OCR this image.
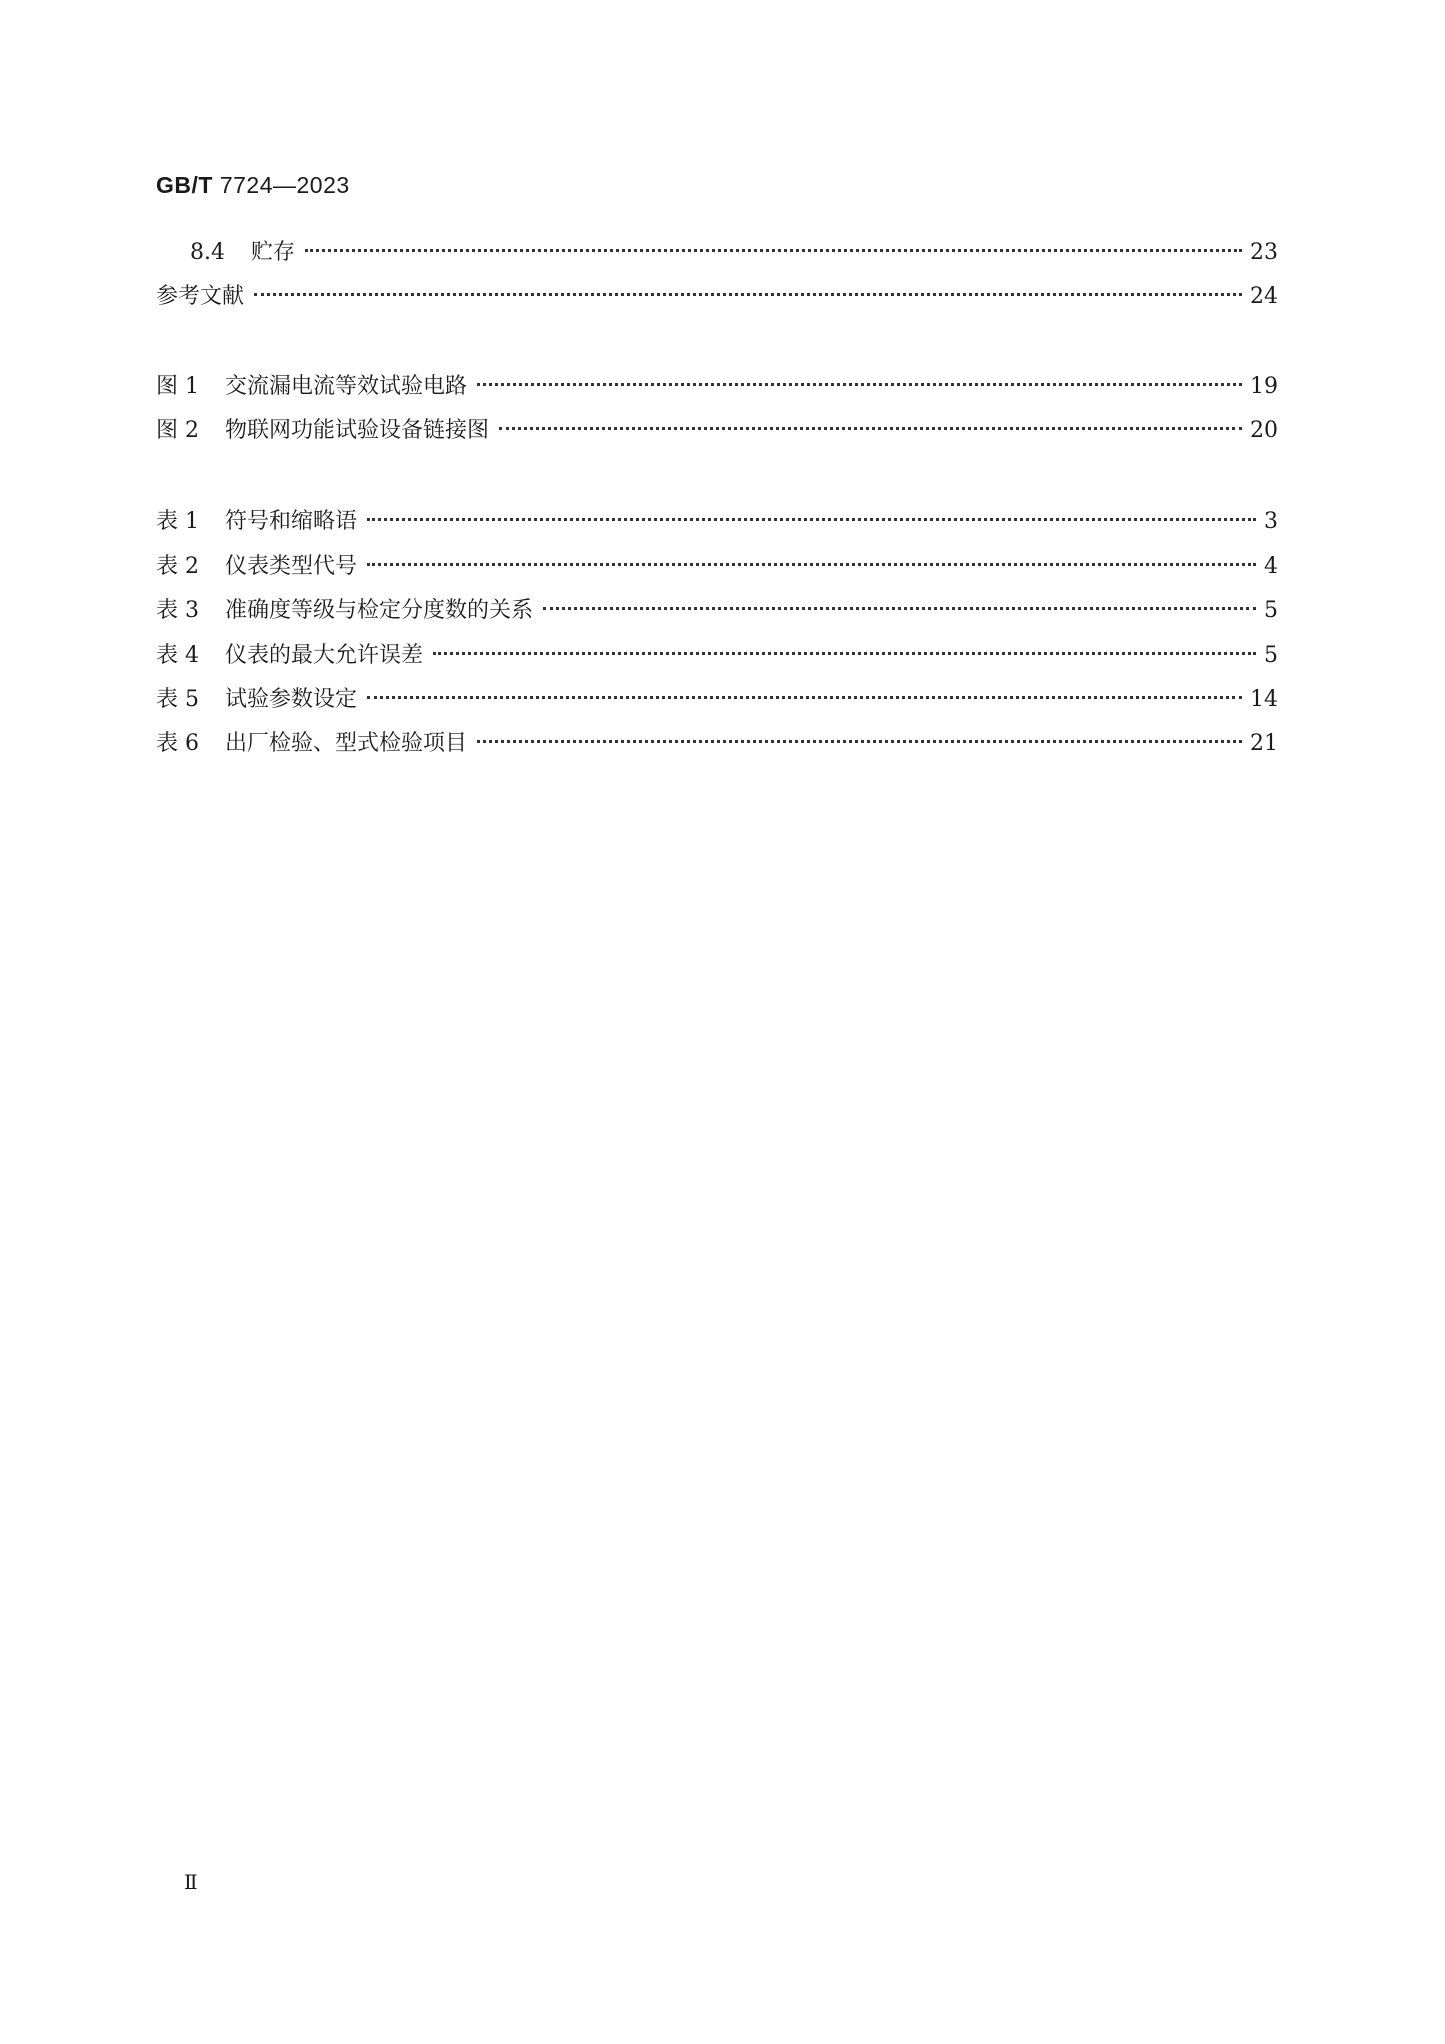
GB/T 7724—2023
8.4 贮存	23
参考文献	24
图 1 交流漏电流等效试验电路	19
图 2 物联网功能试验设备链接图	20
表 1 符号和缩略语	3
表 2 仪表类型代号	4
表 3 准确度等级与检定分度数的关系	5
表 4 仪表的最大允许误差	5
表 5 试验参数设定	14
表 6 出厂检验、型式检验项目	21
Ⅱ
